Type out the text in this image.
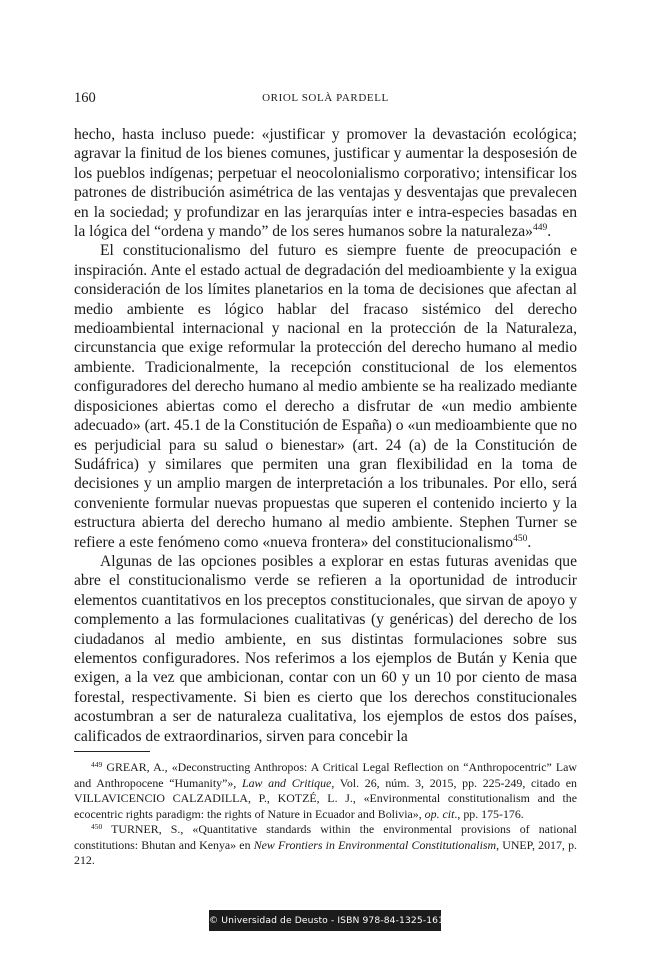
160	ORIOL SOLÀ PARDELL

hecho, hasta incluso puede: «justificar y promover la devastación ecológica; agravar la finitud de los bienes comunes, justificar y aumentar la desposesión de los pueblos indígenas; perpetuar el neocolonialismo corporativo; intensificar los patrones de distribución asimétrica de las ventajas y desventajas que prevalecen en la sociedad; y profundizar en las jerarquías inter e intra-especies basadas en la lógica del “ordena y mando” de los seres humanos sobre la naturaleza»$^{449}$.

El constitucionalismo del futuro es siempre fuente de preocupación e inspiración. Ante el estado actual de degradación del medioambiente y la exigua consideración de los límites planetarios en la toma de decisiones que afectan al medio ambiente es lógico hablar del fracaso sistémico del derecho medioambiental internacional y nacional en la protección de la Naturaleza, circunstancia que exige reformular la protección del derecho humano al medio ambiente. Tradicionalmente, la recepción constitucional de los elementos configuradores del derecho humano al medio ambiente se ha realizado mediante disposiciones abiertas como el derecho a disfrutar de «un medio ambiente adecuado» (art. 45.1 de la Constitución de España) o «un medioambiente que no es perjudicial para su salud o bienestar» (art. 24 (a) de la Constitución de Sudáfrica) y similares que permiten una gran flexibilidad en la toma de decisiones y un amplio margen de interpretación a los tribunales. Por ello, será conveniente formular nuevas propuestas que superen el contenido incierto y la estructura abierta del derecho humano al medio ambiente. Stephen Turner se refiere a este fenómeno como «nueva frontera» del constitucionalismo$^{450}$.

Algunas de las opciones posibles a explorar en estas futuras avenidas que abre el constitucionalismo verde se refieren a la oportunidad de introducir elementos cuantitativos en los preceptos constitucionales, que sirvan de apoyo y complemento a las formulaciones cualitativas (y genéricas) del derecho de los ciudadanos al medio ambiente, en sus distintas formulaciones sobre sus elementos configuradores. Nos referimos a los ejemplos de Bután y Kenia que exigen, a la vez que ambicionan, contar con un 60 y un 10 por ciento de masa forestal, respectivamente. Si bien es cierto que los derechos constitucionales acostumbran a ser de naturaleza cualitativa, los ejemplos de estos dos países, calificados de extraordinarios, sirven para concebir la

$^{449}$ GREAR, A., «Deconstructing Anthropos: A Critical Legal Reflection on “Anthropocentric” Law and Anthropocene “Humanity”», Law and Critique, Vol. 26, núm. 3, 2015, pp. 225-249, citado en VILLAVICENCIO CALZADILLA, P., KOTZÉ, L. J., «Environmental constitutionalism and the ecocentric rights paradigm: the rights of Nature in Ecuador and Bolivia», op. cit., pp. 175-176.

$^{450}$ TURNER, S., «Quantitative standards within the environmental provisions of national constitutions: Bhutan and Kenya» en New Frontiers in Environmental Constitutionalism, UNEP, 2017, p. 212.

© Universidad de Deusto - ISBN 978-84-1325-161-5
